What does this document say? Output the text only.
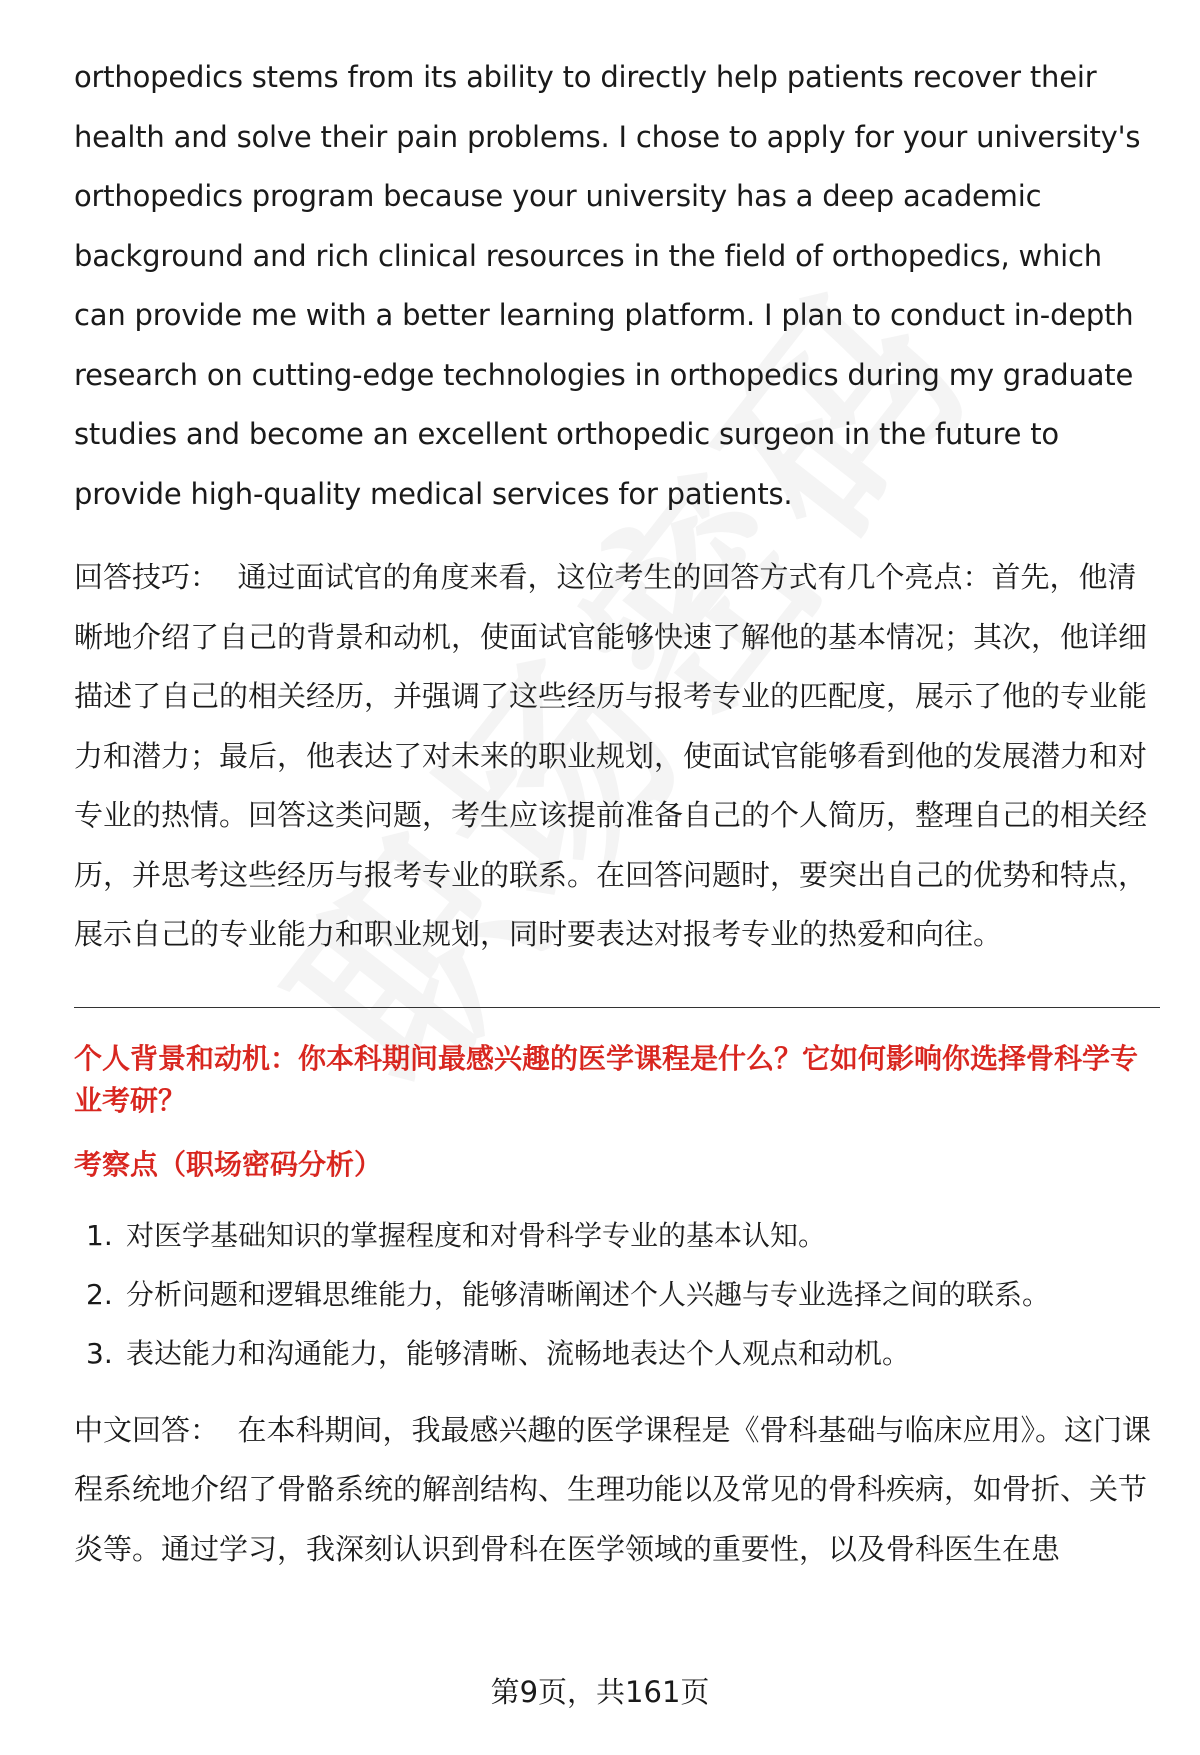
orthopedics stems from its ability to directly help patients recover their health and solve their pain problems. I chose to apply for your university's orthopedics program because your university has a deep academic background and rich clinical resources in the field of orthopedics, which can provide me with a better learning platform. I plan to conduct in-depth research on cutting-edge technologies in orthopedics during my graduate studies and become an excellent orthopedic surgeon in the future to provide high-quality medical services for patients.

回答技巧： 通过面试官的角度来看，这位考生的回答方式有几个亮点：首先，他清晰地介绍了自己的背景和动机，使面试官能够快速了解他的基本情况；其次，他详细描述了自己的相关经历，并强调了这些经历与报考专业的匹配度，展示了他的专业能力和潜力；最后，他表达了对未来的职业规划，使面试官能够看到他的发展潜力和对专业的热情。回答这类问题，考生应该提前准备自己的个人简历，整理自己的相关经历，并思考这些经历与报考专业的联系。在回答问题时，要突出自己的优势和特点，展示自己的专业能力和职业规划，同时要表达对报考专业的热爱和向往。

个人背景和动机：你本科期间最感兴趣的医学课程是什么？它如何影响你选择骨科学专业考研？

考察点（职场密码分析）

1. 对医学基础知识的掌握程度和对骨科学专业的基本认知。
2. 分析问题和逻辑思维能力，能够清晰阐述个人兴趣与专业选择之间的联系。
3. 表达能力和沟通能力，能够清晰、流畅地表达个人观点和动机。

中文回答： 在本科期间，我最感兴趣的医学课程是《骨科基础与临床应用》。这门课程系统地介绍了骨骼系统的解剖结构、生理功能以及常见的骨科疾病，如骨折、关节炎等。通过学习，我深刻认识到骨科在医学领域的重要性，以及骨科医生在患

第9页，共161页
